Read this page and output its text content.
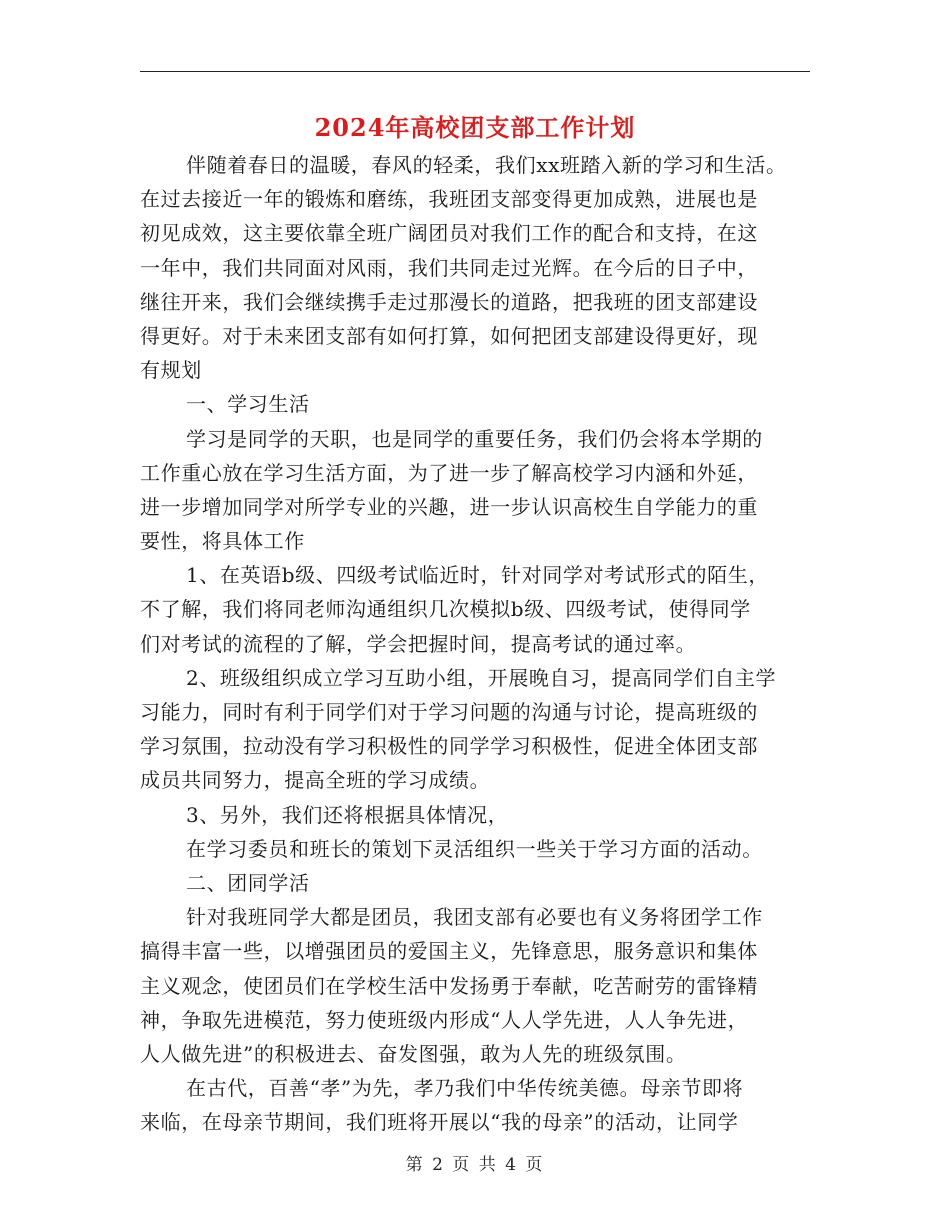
2024年高校团支部工作计划
伴随着春日的温暖，春风的轻柔，我们xx班踏入新的学习和生活。
在过去接近一年的锻炼和磨练，我班团支部变得更加成熟，进展也是
初见成效，这主要依靠全班广阔团员对我们工作的配合和支持，在这
一年中，我们共同面对风雨，我们共同走过光辉。在今后的日子中，
继往开来，我们会继续携手走过那漫长的道路，把我班的团支部建设
得更好。对于未来团支部有如何打算，如何把团支部建设得更好，现
有规划
一、学习生活
学习是同学的天职，也是同学的重要任务，我们仍会将本学期的
工作重心放在学习生活方面，为了进一步了解高校学习内涵和外延，
进一步增加同学对所学专业的兴趣，进一步认识高校生自学能力的重
要性，将具体工作
1、在英语b级、四级考试临近时，针对同学对考试形式的陌生，
不了解，我们将同老师沟通组织几次模拟b级、四级考试，使得同学
们对考试的流程的了解，学会把握时间，提高考试的通过率。
2、班级组织成立学习互助小组，开展晚自习，提高同学们自主学
习能力，同时有利于同学们对于学习问题的沟通与讨论，提高班级的
学习氛围，拉动没有学习积极性的同学学习积极性，促进全体团支部
成员共同努力，提高全班的学习成绩。
3、另外，我们还将根据具体情况，
在学习委员和班长的策划下灵活组织一些关于学习方面的活动。
二、团同学活
针对我班同学大都是团员，我团支部有必要也有义务将团学工作
搞得丰富一些，以增强团员的爱国主义，先锋意思，服务意识和集体
主义观念，使团员们在学校生活中发扬勇于奉献，吃苦耐劳的雷锋精
神，争取先进模范，努力使班级内形成“人人学先进，人人争先进，
人人做先进”的积极进去、奋发图强，敢为人先的班级氛围。
在古代，百善“孝”为先，孝乃我们中华传统美德。母亲节即将
来临，在母亲节期间，我们班将开展以“我的母亲”的活动，让同学
第 2 页 共 4 页
